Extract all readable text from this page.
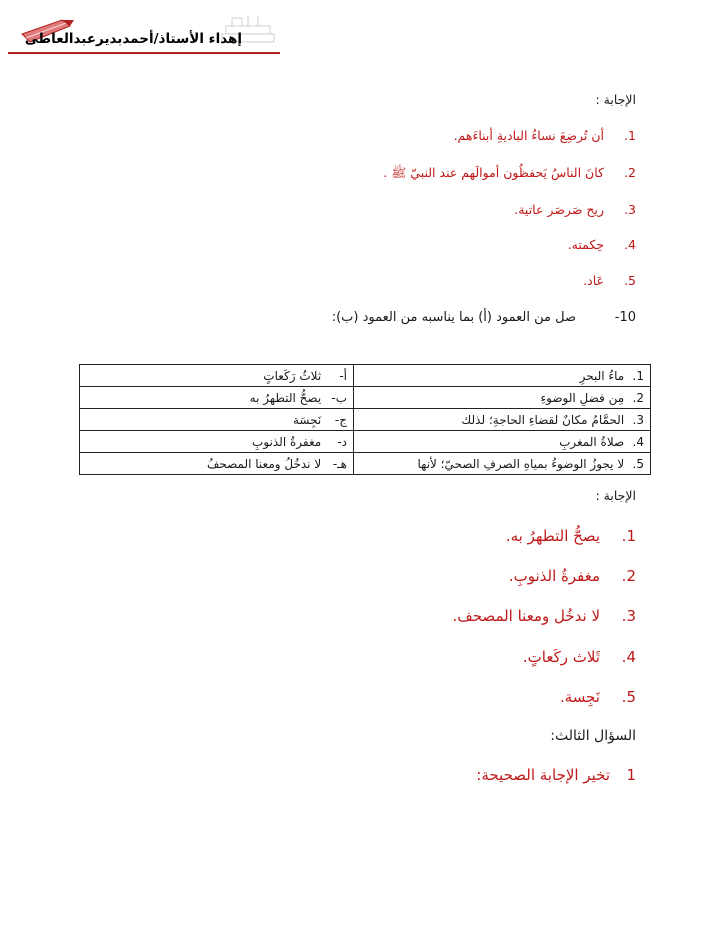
إهداء الأستاذ/أحمدبديرعبدالعاطى
الإجابة :
1.أن تُرضِعَ نساءُ الباديةِ أبناءَهم.
2.كانَ الناسُ يَحفظُون أموالَهم عند النبيّ ﷺ .
3.ريح صَرصَر عاتية.
4.حِكمته.
5.عَاد.
10-صل من العمود (أ) بما يناسبه من العمود (ب):
1. ماءُ البحرِ	أ- ثلاثُ رَكَعاتٍ
2. مِن فضلِ الوضوءِ	ب- يصحُّ التطهرُ به
3. الحمَّامُ مكانٌ لقضاءِ الحاجةِ؛ لذلك	ج- نَجِسَة
4. صلاةُ المغربِ	د- مغفرةُ الذنوبِ
5. لا يجوزُ الوضوءُ بمياهِ الصرفِ الصحيّ؛ لأنها	هـ- لا ندخُلُ ومعنا المصحفُ
الإجابة :
1.يصحُّ التطهرُ به.
2.مغفرةُ الذنوبِ.
3.لا ندخُل ومعنا المصحف.
4.ثَلاث ركَعاتٍ.
5.نَجِسة.
السؤال الثالث:
1تخير الإجابة الصحيحة:
